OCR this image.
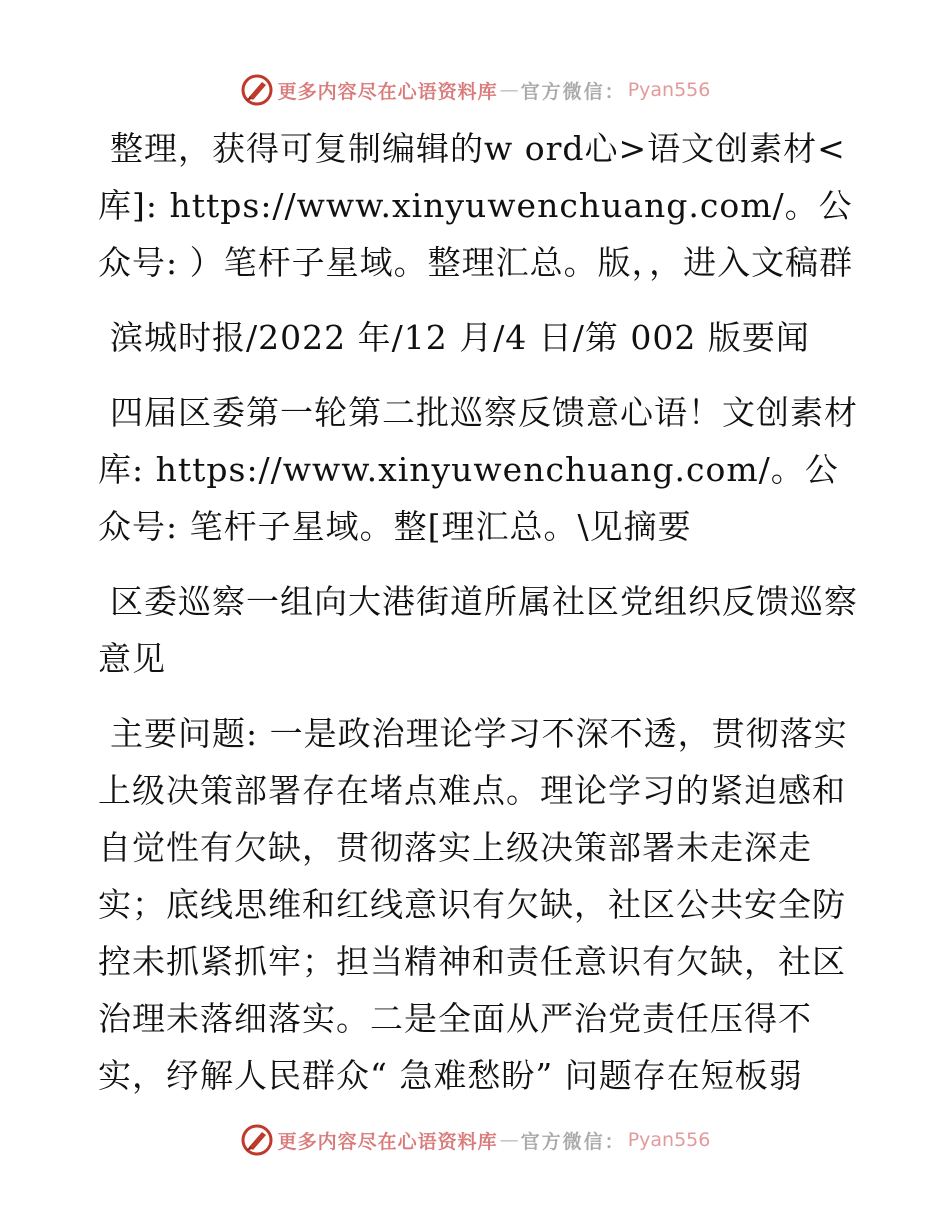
更多内容尽在心语资料库 — 官方微信： Pyan556

整理，获得可复制编辑的w ord心>语文创素材<库]: https://www.xinyuwenchuang.com/。公众号: ）笔杆子星域。整理汇总。版，，进入文稿群

滨城时报/2022 年/12 月/4 日/第 002 版要闻

四届区委第一轮第二批巡察反馈意心语！文创素材库: https://www.xinyuwenchuang.com/。公众号: 笔杆子星域。整[理汇总。\见摘要

区委巡察一组向大港街道所属社区党组织反馈巡察意见

主要问题: 一是政治理论学习不深不透，贯彻落实上级决策部署存在堵点难点。理论学习的紧迫感和自觉性有欠缺，贯彻落实上级决策部署未走深走实；底线思维和红线意识有欠缺，社区公共安全防控未抓紧抓牢；担当精神和责任意识有欠缺，社区治理未落细落实。二是全面从严治党责任压得不实，纾解人民群众“ 急难愁盼” 问题存在短板弱

更多内容尽在心语资料库 — 官方微信： Pyan556
